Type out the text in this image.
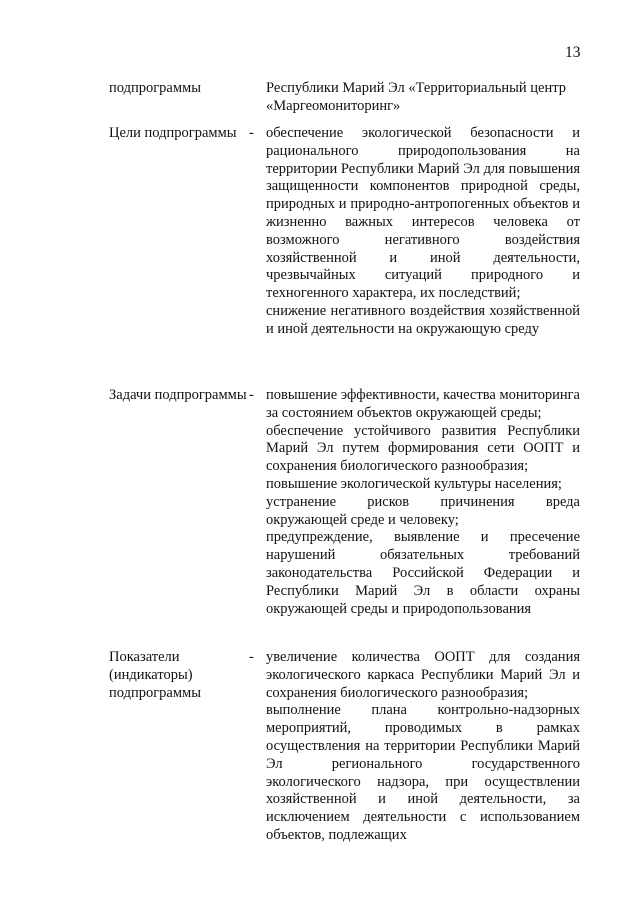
13
подпрограммы	Республики Марий Эл «Территориальный центр «Маргеомониторинг»

Цели подпрограммы - обеспечение экологической безопасности и рационального природопользования на территории Республики Марий Эл для повышения защищенности компонентов природной среды, природных и природно-антропогенных объектов и жизненно важных интересов человека от возможного негативного воздействия хозяйственной и иной деятельности, чрезвычайных ситуаций природного и техногенного характера, их последствий;

снижение негативного воздействия хозяйственной и иной деятельности на окружающую среду

Задачи подпрограммы - повышение эффективности, качества мониторинга за состоянием объектов окружающей среды;

обеспечение устойчивого развития Республики Марий Эл путем формирования сети ООПТ и сохранения биологического разнообразия;

повышение экологической культуры населения;

устранение рисков причинения вреда окружающей среде и человеку;

предупреждение, выявление и пресечение нарушений обязательных требований законодательства Российской Федерации и Республики Марий Эл в области охраны окружающей среды и природопользования

Показатели (индикаторы) подпрограммы
- увеличение количества ООПТ для создания экологического каркаса Республики Марий Эл и сохранения биологического разнообразия;

выполнение плана контрольно-надзорных мероприятий, проводимых в рамках осуществления на территории Республики Марий Эл регионального государственного экологического надзора, при осуществлении хозяйственной и иной деятельности, за исключением деятельности с использованием объектов, подлежащих
